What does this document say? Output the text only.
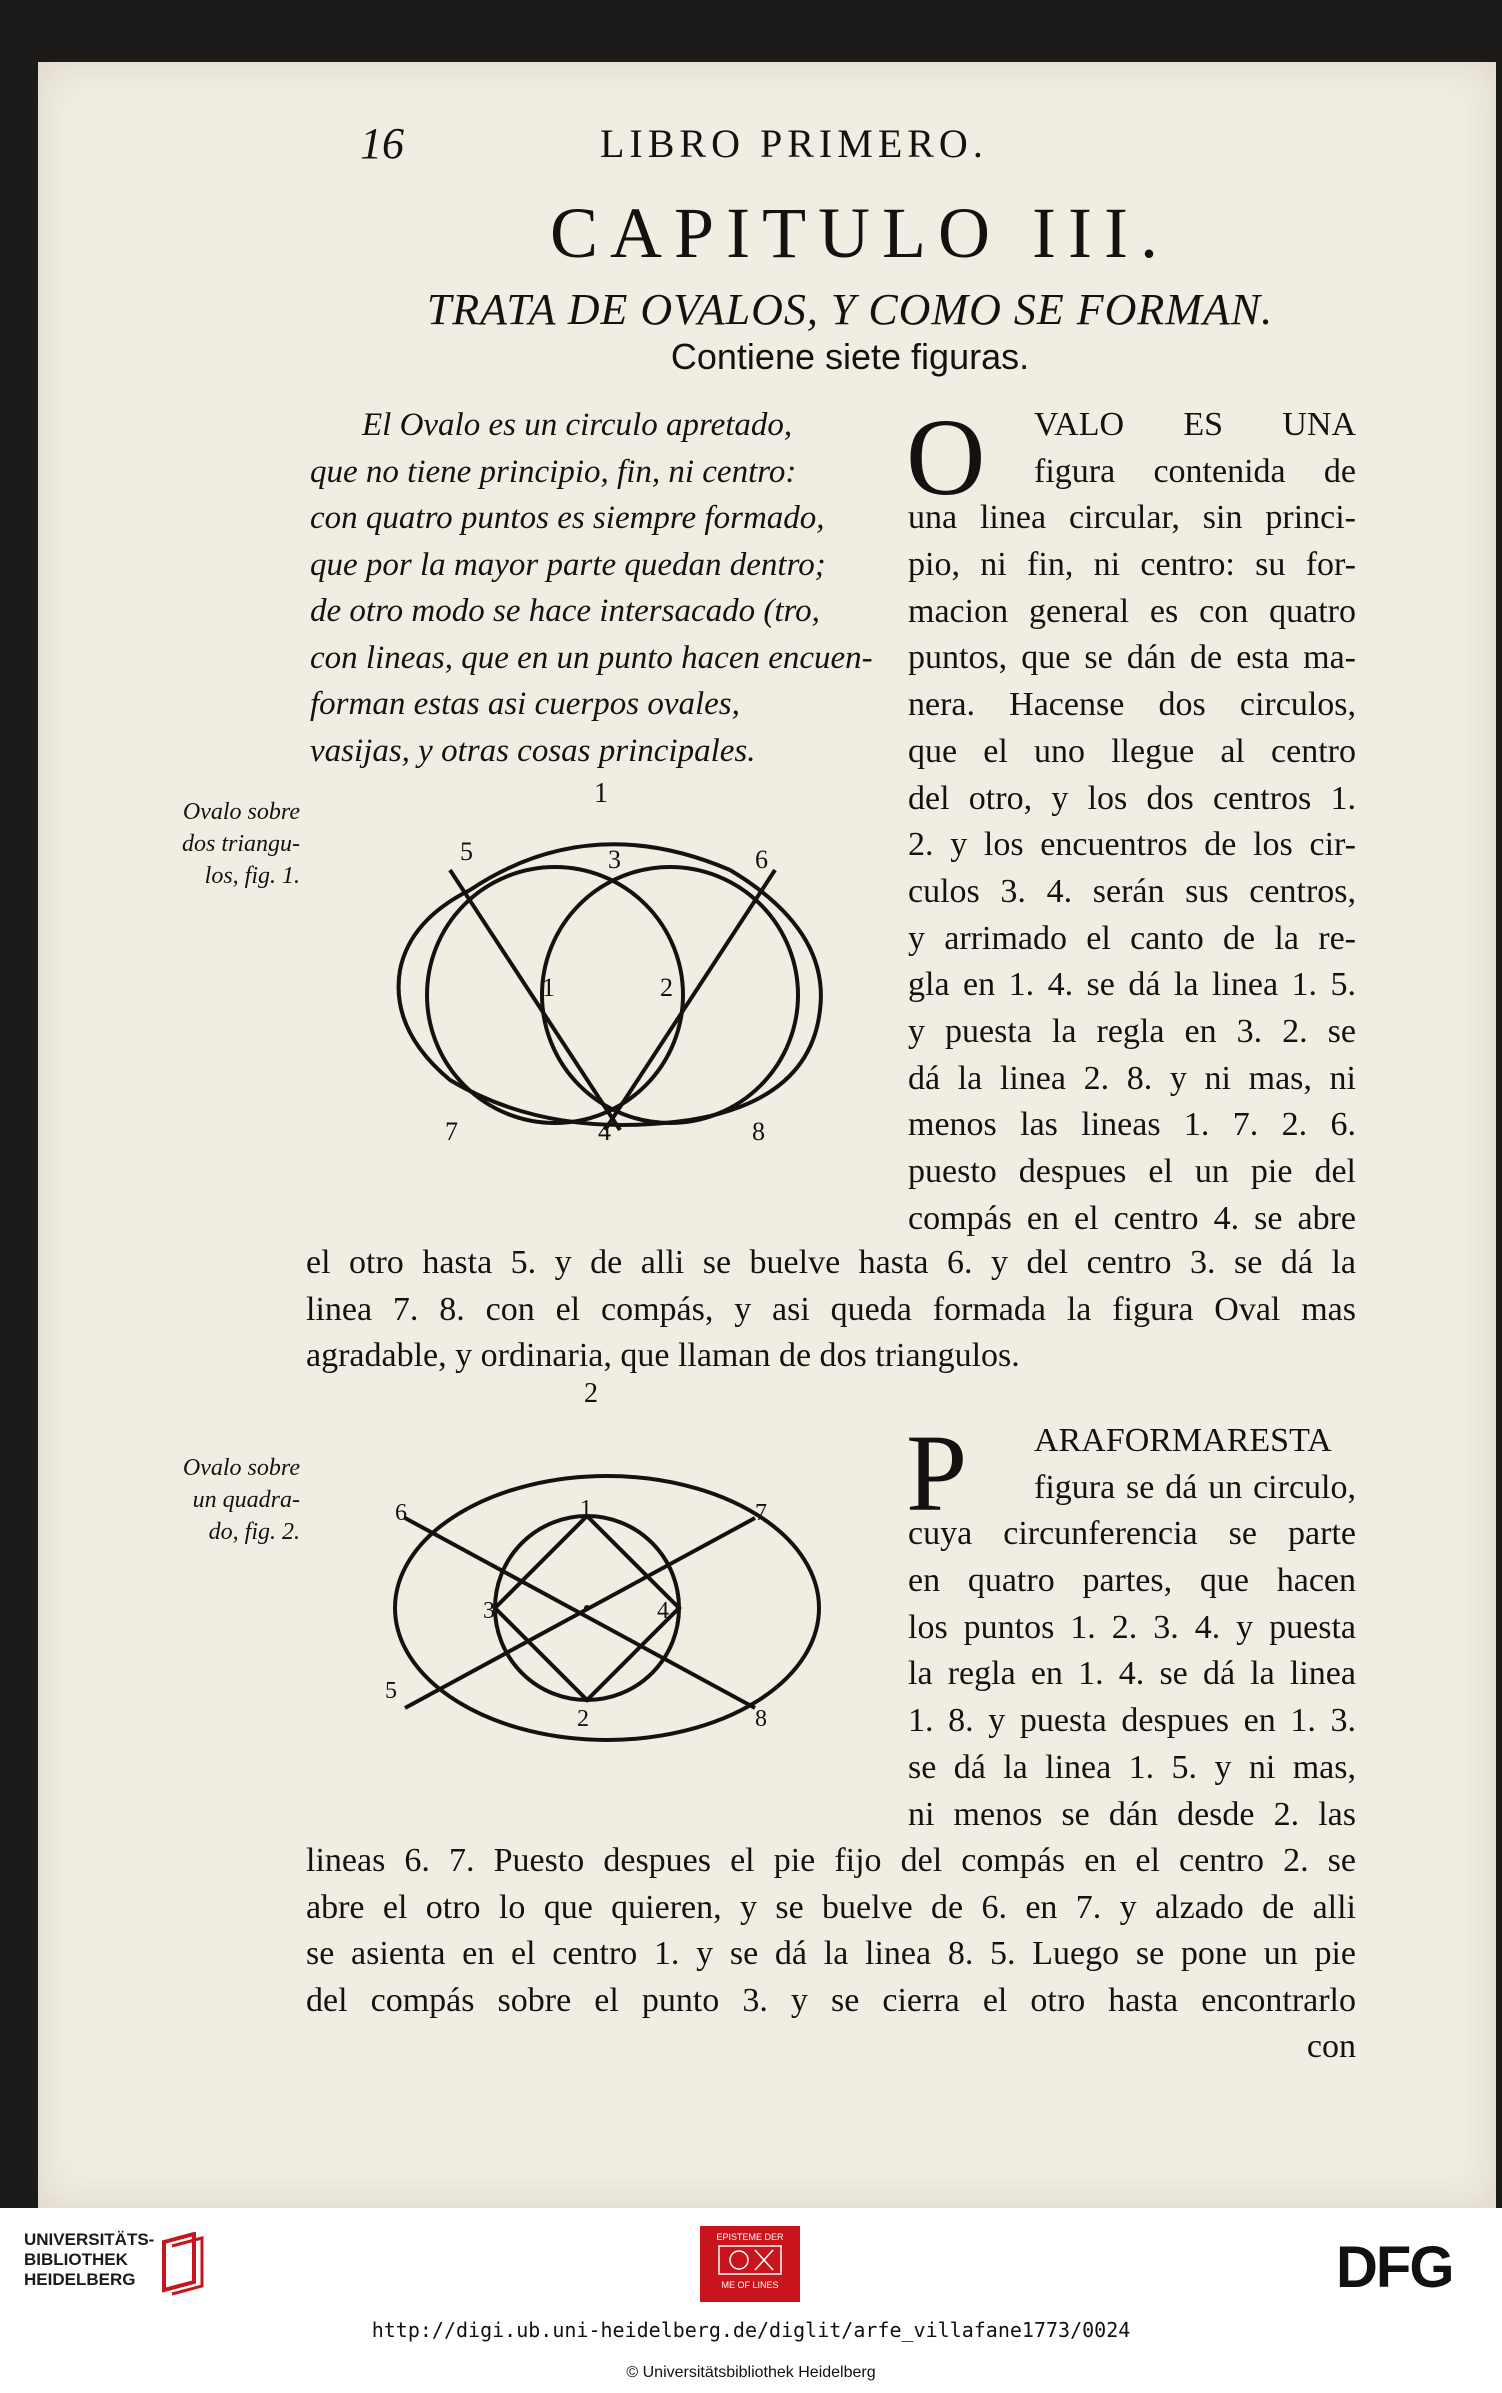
16	LIBRO PRIMERO.
CAPITULO III.
TRATA DE OVALOS, Y COMO SE FORMAN.
Contiene siete figuras.
El Ovalo es un circulo apretado,
que no tiene principio, fin, ni centro:
con quatro puntos es siempre formado,
que por la mayor parte quedan dentro;
de otro modo se hace intersacado (tro,
con lineas, que en un punto hacen encuen-
forman estas asi cuerpos ovales,
vasijas, y otras cosas principales.
O	VALO ES UNA
figura contenida de
una linea circular, sin princi-
pio, ni fin, ni centro: su for-
macion general es con quatro
puntos, que se dán de esta ma-
nera. Hacense dos circulos,
que el uno llegue al centro
del otro, y los dos centros 1.
2. y los encuentros de los cir-
culos 3. 4. serán sus centros,
y arrimado el canto de la re-
gla en 1. 4. se dá la linea 1. 5.
y puesta la regla en 3. 2. se
dá la linea 2. 8. y ni mas, ni
menos las lineas 1. 7. 2. 6.
puesto despues el un pie del
compás en el centro 4. se abre
el otro hasta 5. y de alli se buelve hasta 6. y del centro 3. se dá la
linea 7. 8. con el compás, y asi queda formada la figura Oval mas
agradable, y ordinaria, que llaman de dos triangulos.
Ovalo sobre
dos triangu-
los, fig. 1.
1
5	3	6
1	2
7	4	8
P	ARAFORMARESTA
figura se dá un circulo,
cuya circunferencia se parte
en quatro partes, que hacen
los puntos 1. 2. 3. 4. y puesta
la regla en 1. 4. se dá la linea
1. 8. y puesta despues en 1. 3.
se dá la linea 1. 5. y ni mas,
ni menos se dán desde 2. las
lineas 6. 7. Puesto despues el pie fijo del compás en el centro 2. se
abre el otro lo que quieren, y se buelve de 6. en 7. y alzado de alli
se asienta en el centro 1. y se dá la linea 8. 5. Luego se pone un pie
del compás sobre el punto 3. y se cierra el otro hasta encontrarlo
con
Ovalo sobre
un quadra-
do, fig. 2.
2
6	1	7
3	4
5
2	8
UNIVERSITÄTS-
BIBLIOTHEK
HEIDELBERG
EPISTEME DER
ME OF LINES	DFG
http://digi.ub.uni-heidelberg.de/diglit/arfe_villafane1773/0024
© Universitätsbibliothek Heidelberg
